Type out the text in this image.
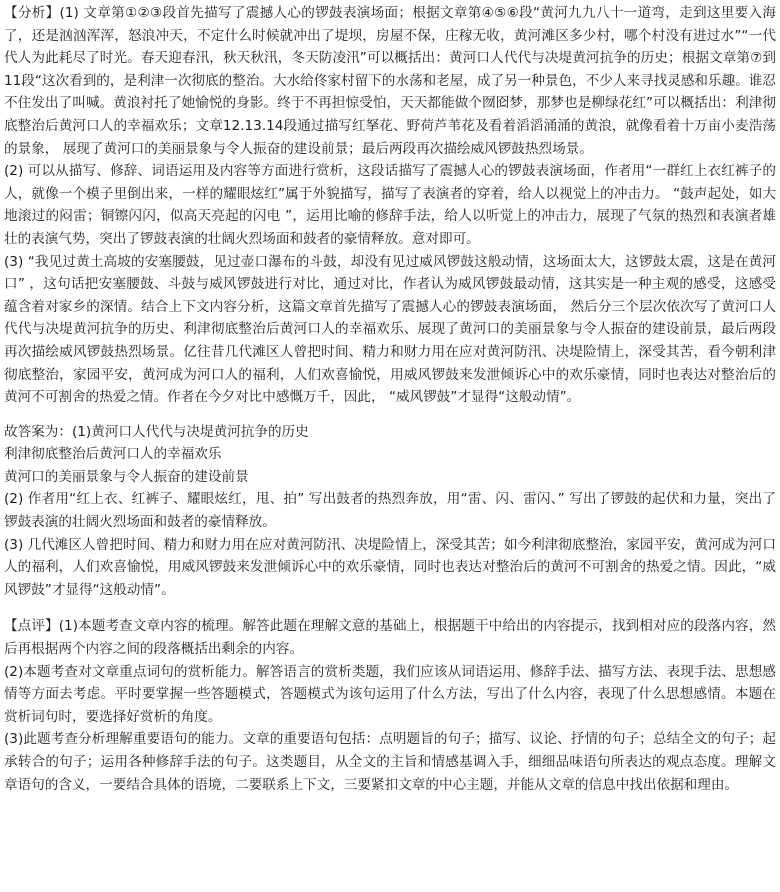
【分析】(1) 文章第①②③段首先描写了震撼人心的锣鼓表演场面；根据文章第④⑤⑥段“黄河九九八十一道弯，走到这里要入海了，还是汹汹浑浑，怒浪冲天，不定什么时候就冲出了堤坝，房屋不保，庄稼无收，黄河滩区多少村，哪个村没有进过水”“一代代人为此耗尽了时光。春天迎春汛，秋天秋汛，冬天防凌汛”可以概括出：黄河口人代代与决堤黄河抗争的历史；根据文章第⑦到11段“这次看到的，是利津一次彻底的整治。大水给佟家村留下的水荡和老屋，成了另一种景色，不少人来寻找灵感和乐趣。谁忍不住发出了叫喊。黄浪衬托了她愉悦的身影。终于不再担惊受怕，天天都能做个囫囵梦，那梦也是柳绿花红”可以概括出：利津彻底整治后黄河口人的幸福欢乐；文章12.13.14段通过描写红拏花、野荷芦苇花及看着滔滔涌涌的黄浪，就像看着十万亩小麦浩荡的景象， 展现了黄河口的美丽景象与令人振奋的建设前景；最后两段再次描绘威风锣鼓热烈场景。

(2) 可以从描写、修辞、词语运用及内容等方面进行赏析，这段话描写了震撼人心的锣鼓表演场面，作者用“一群红上衣红裤子的人，就像一个模子里倒出来，一样的耀眼炫红”属于外貌描写，描写了表演者的穿着，给人以视觉上的冲击力。 “鼓声起处，如大地滚过的闷雷；铜镲闪闪，似高天亮起的闪电 ”，运用比喻的修辞手法，给人以听觉上的冲击力，展现了气氛的热烈和表演者雄壮的表演气势，突出了锣鼓表演的壮阔火烈场面和鼓者的豪情释放。意对即可。

(3) “我见过黄土高坡的安塞腰鼓，见过壶口瀑布的斗鼓，却没有见过威风锣鼓这般动情，这场面太大，这锣鼓太震，这是在黄河口” ，这句话把安塞腰鼓、斗鼓与威风锣鼓进行对比，通过对比，作者认为威风锣鼓最动情，这其实是一种主观的感受，这感受蕴含着对家乡的深情。结合上下文内容分析，这篇文章首先描写了震撼人心的锣鼓表演场面， 然后分三个层次依次写了黄河口人代代与决堤黄河抗争的历史、利津彻底整治后黄河口人的幸福欢乐、展现了黄河口的美丽景象与令人振奋的建设前景，最后两段再次描绘威风锣鼓热烈场景。亿往昔几代滩区人曾把时间、精力和财力用在应对黄河防汛、决堤险情上，深受其苦，看今朝利津彻底整治，家园平安，黄河成为河口人的福利，人们欢喜愉悦，用威风锣鼓来发泄倾诉心中的欢乐豪情，同时也表达对整治后的黄河不可割舍的热爱之情。作者在今夕对比中感慨万千，因此， “威风锣鼓”才显得“这般动情”。

故答案为：(1)黄河口人代代与决堤黄河抗争的历史

利津彻底整治后黄河口人的幸福欢乐

黄河口的美丽景象与令人振奋的建设前景

(2) 作者用“红上衣、红裤子、耀眼炫红，甩、拍” 写出鼓者的热烈奔放，用“雷、闪、雷闪、” 写出了锣鼓的起伏和力量，突出了锣鼓表演的壮阔火烈场面和鼓者的豪情释放。

(3) 几代滩区人曾把时间、精力和财力用在应对黄河防汛、决堤险情上，深受其苦；如今利津彻底整治，家园平安，黄河成为河口人的福利，人们欢喜愉悦，用威风锣鼓来发泄倾诉心中的欢乐豪情，同时也表达对整治后的黄河不可割舍的热爱之情。因此，“威风锣鼓”才显得“这般动情”。

【点评】(1)本题考查文章内容的梳理。解答此题在理解文意的基础上，根据题干中给出的内容提示，找到相对应的段落内容，然后再根据两个内容之间的段落概括出剩余的内容。

(2)本题考查对文章重点词句的赏析能力。解答语言的赏析类题，我们应该从词语运用、修辞手法、描写方法、表现手法、思想感情等方面去考虑。平时要掌握一些答题模式，答题模式为该句运用了什么方法，写出了什么内容，表现了什么思想感情。本题在赏析词句时，要选择好赏析的角度。

(3)此题考查分析理解重要语句的能力。文章的重要语句包括：点明题旨的句子；描写、议论、抒情的句子；总结全文的句子；起承转合的句子；运用各种修辞手法的句子。这类题目，从全文的主旨和情感基调入手，细细品味语句所表达的观点态度。理解文章语句的含义，一要结合具体的语境，二要联系上下文，三要紧扣文章的中心主题，并能从文章的信息中找出依据和理由。
